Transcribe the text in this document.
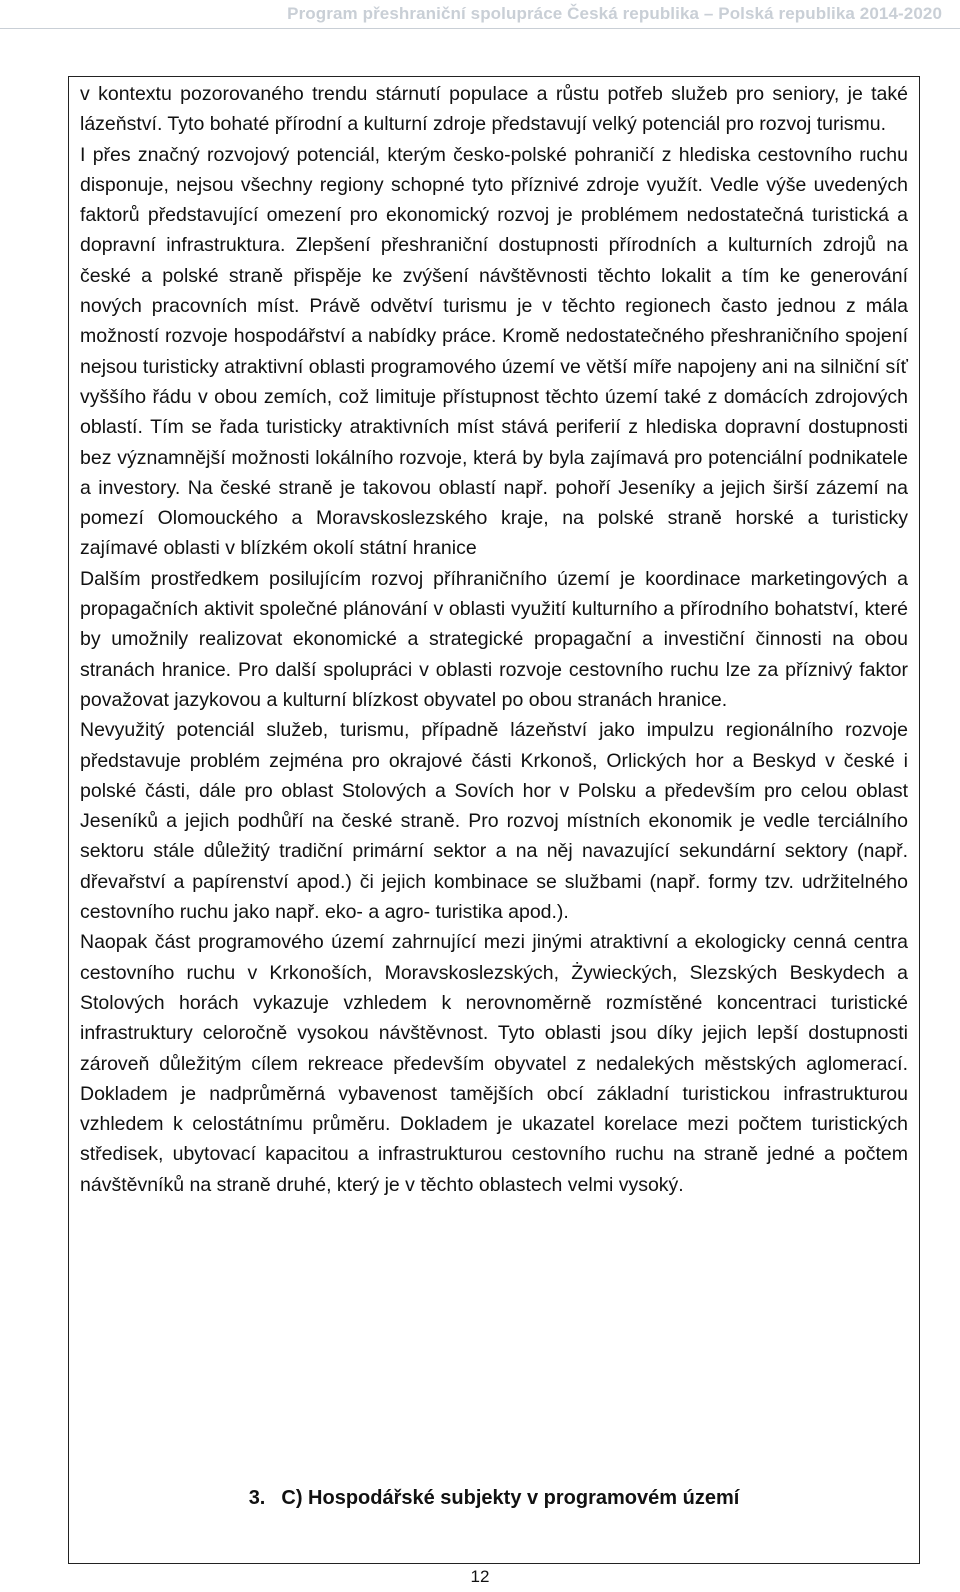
Program přeshraniční spolupráce Česká republika – Polská republika 2014-2020

v kontextu pozorovaného trendu stárnutí populace a růstu potřeb služeb pro seniory, je také lázeňství. Tyto bohaté přírodní a kulturní zdroje představují velký potenciál pro rozvoj turismu.

I přes značný rozvojový potenciál, kterým česko-polské pohraničí z hlediska cestovního ruchu disponuje, nejsou všechny regiony schopné tyto příznivé zdroje využít. Vedle výše uvedených faktorů představující omezení pro ekonomický rozvoj je problémem nedostatečná turistická a dopravní infrastruktura. Zlepšení přeshraniční dostupnosti přírodních a kulturních zdrojů na české a polské straně přispěje ke zvýšení návštěvnosti těchto lokalit a tím ke generování nových pracovních míst. Právě odvětví turismu je v těchto regionech často jednou z mála možností rozvoje hospodářství a nabídky práce. Kromě nedostatečného přeshraničního spojení nejsou turisticky atraktivní oblasti programového území ve větší míře napojeny ani na silniční síť vyššího řádu v obou zemích, což limituje přístupnost těchto území také z domácích zdrojových oblastí. Tím se řada turisticky atraktivních míst stává periferií z hlediska dopravní dostupnosti bez významnější možnosti lokálního rozvoje, která by byla zajímavá pro potenciální podnikatele a investory. Na české straně je takovou oblastí např. pohoří Jeseníky a jejich širší zázemí na pomezí Olomouckého a Moravskoslezského kraje, na polské straně horské a turisticky zajímavé oblasti v blízkém okolí státní hranice

Dalším prostředkem posilujícím rozvoj příhraničního území je koordinace marketingových a propagačních aktivit společné plánování v oblasti využití kulturního a přírodního bohatství, které by umožnily realizovat ekonomické a strategické propagační a investiční činnosti na obou stranách hranice. Pro další spolupráci v oblasti rozvoje cestovního ruchu lze za příznivý faktor považovat jazykovou a kulturní blízkost obyvatel po obou stranách hranice.

Nevyužitý potenciál služeb, turismu, případně lázeňství jako impulzu regionálního rozvoje představuje problém zejména pro okrajové části Krkonoš, Orlických hor a Beskyd v české i polské části, dále pro oblast Stolových a Sovích hor v Polsku a především pro celou oblast Jeseníků a jejich podhůří na české straně. Pro rozvoj místních ekonomik je vedle terciálního sektoru stále důležitý tradiční primární sektor a na něj navazující sekundární sektory (např. dřevařství a papírenství apod.) či jejich kombinace se službami (např. formy tzv. udržitelného cestovního ruchu jako např. eko- a agro- turistika apod.).

Naopak část programového území zahrnující mezi jinými atraktivní a ekologicky cenná centra cestovního ruchu v Krkonoších, Moravskoslezských, Żywieckých, Slezských Beskydech a Stolových horách vykazuje vzhledem k nerovnoměrně rozmístěné koncentraci turistické infrastruktury celoročně vysokou návštěvnost. Tyto oblasti jsou díky jejich lepší dostupnosti zároveň důležitým cílem rekreace především obyvatel z nedalekých městských aglomerací. Dokladem je nadprůměrná vybavenost tamějších obcí základní turistickou infrastrukturou vzhledem k celostátnímu průměru. Dokladem je ukazatel korelace mezi počtem turistických středisek, ubytovací kapacitou a infrastrukturou cestovního ruchu na straně jedné a počtem návštěvníků na straně druhé, který je v těchto oblastech velmi vysoký.

3. C) Hospodářské subjekty v programovém území
12
